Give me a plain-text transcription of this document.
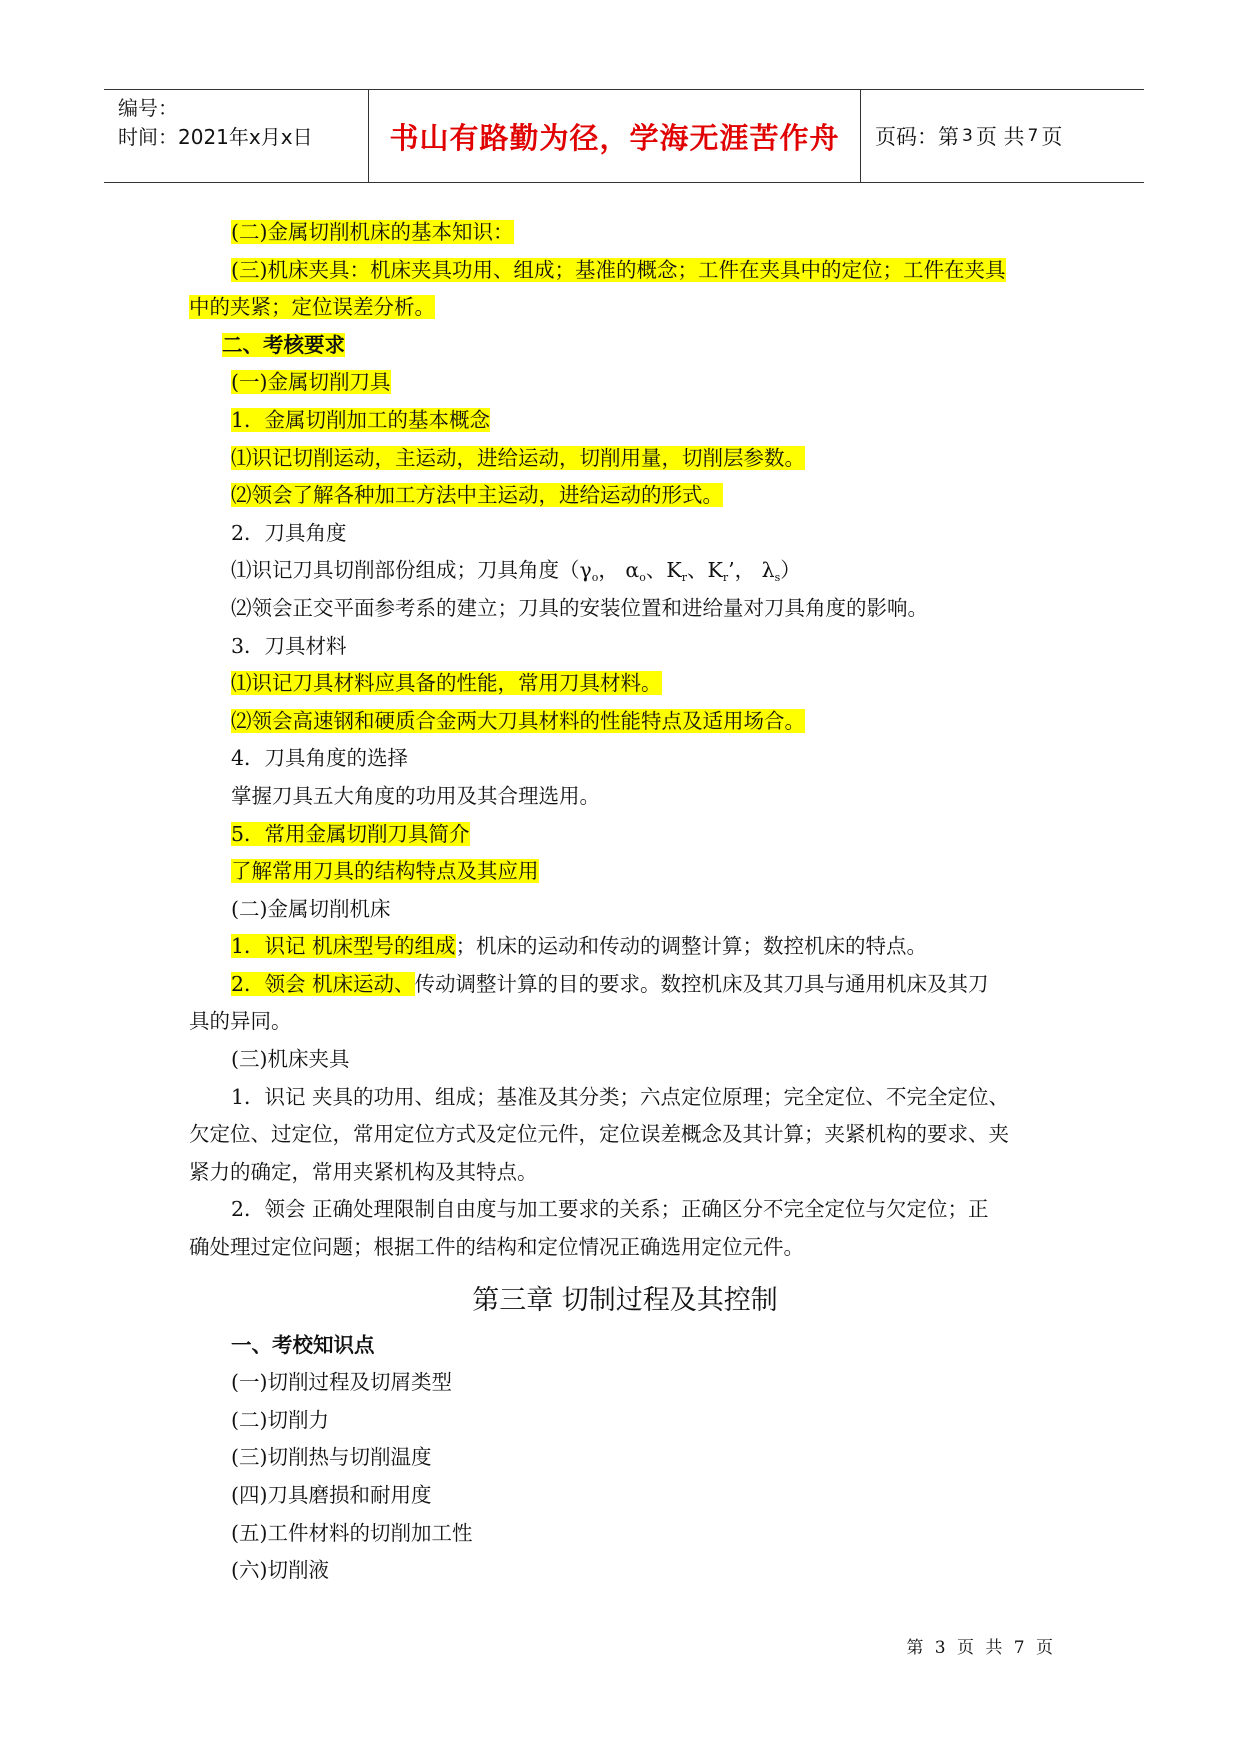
编号：
时间：2021年x月x日	书山有路勤为径，学海无涯苦作舟	页码：第 3 页 共 7 页
(二)金属切削机床的基本知识：
(三)机床夹具：机床夹具功用、组成；基准的概念；工件在夹具中的定位；工件在夹具
中的夹紧；定位误差分析。
二、考核要求
(一)金属切削刀具
1．金属切削加工的基本概念
⑴识记切削运动，主运动，进给运动，切削用量，切削层参数。
⑵领会了解各种加工方法中主运动，进给运动的形式。
2．刀具角度
⑴识记刀具切削部份组成；刀具角度（$\gamma_o$， $\alpha_o$、$K_r$、$K_r$’， $\lambda_s$）
⑵领会正交平面参考系的建立；刀具的安装位置和进给量对刀具角度的影响。
3．刀具材料
⑴识记刀具材料应具备的性能，常用刀具材料。
⑵领会高速钢和硬质合金两大刀具材料的性能特点及适用场合。
4．刀具角度的选择
掌握刀具五大角度的功用及其合理选用。
5．常用金属切削刀具简介
了解常用刀具的结构特点及其应用
(二)金属切削机床
1．识记 机床型号的组成；机床的运动和传动的调整计算；数控机床的特点。
2．领会 机床运动、传动调整计算的目的要求。数控机床及其刀具与通用机床及其刀
具的异同。
(三)机床夹具
1．识记 夹具的功用、组成；基准及其分类；六点定位原理；完全定位、不完全定位、
欠定位、过定位，常用定位方式及定位元件，定位误差概念及其计算；夹紧机构的要求、夹
紧力的确定，常用夹紧机构及其特点。
2．领会 正确处理限制自由度与加工要求的关系；正确区分不完全定位与欠定位；正
确处理过定位问题；根据工件的结构和定位情况正确选用定位元件。
第三章 切制过程及其控制
一、考校知识点
(一)切削过程及切屑类型
(二)切削力
(三)切削热与切削温度
(四)刀具磨损和耐用度
(五)工件材料的切削加工性
(六)切削液
第 3 页 共 7 页
